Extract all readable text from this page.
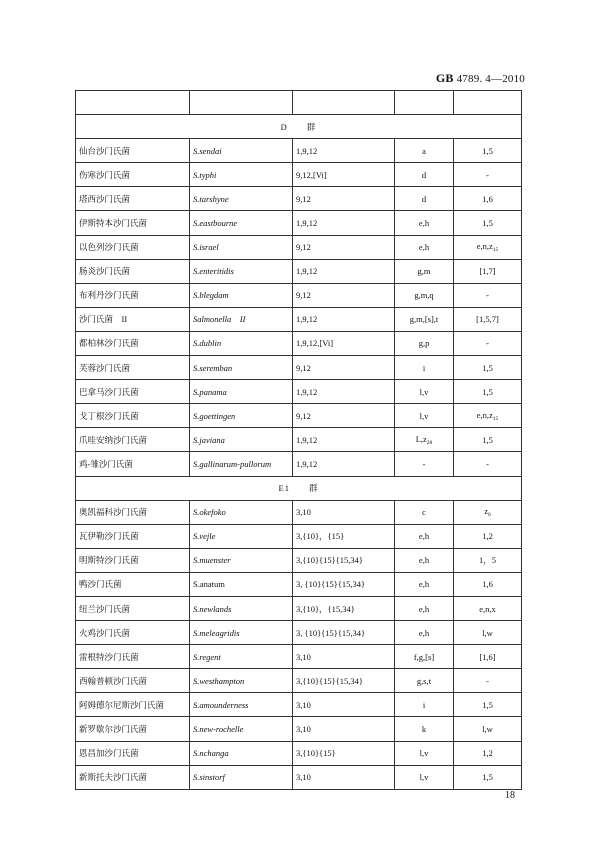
GB 4789. 4—2010

D　　群				
仙台沙门氏菌	S.sendai	1,9,12	a	1,5
伤寒沙门氏菌	S.typhi	9,12,[Vi]	d	-
塔西沙门氏菌	S.tarshyne	9,12	d	1,6
伊斯特本沙门氏菌	S.eastbourne	1,9,12	e,h	1,5
以色列沙门氏菌	S.israel	9,12	e,h	$e,n,z_{15}$
肠炎沙门氏菌	S.enteritidis	1,9,12	g,m	[1,7]
布利丹沙门氏菌	S.blegdam	9,12	g,m,q	-
沙门氏菌　II	Salmonella　II	1,9,12	g,m,[s],t	[1,5,7]
都柏林沙门氏菌	S.dublin	1,9,12,[Vi]	g,p	-
芙蓉沙门氏菌	S.seremban	9,12	i	1,5
巴拿马沙门氏菌	S.panama	1,9,12	l,v	1,5
戈丁根沙门氏菌	S.goettingen	9,12	l,v	$e,n,z_{15}$
爪哇安纳沙门氏菌	S.javiana	1,9,12	$L,z_{28}$	1,5
鸡-雏沙门氏菌	S.gallinarum-pullorum	1,9,12	-	-
E1　　群				
奥凯福科沙门氏菌	S.okefoko	3,10	c	$z_6$
瓦伊勒沙门氏菌	S.vejle	3,{10}，{15}	e,h	1,2
明斯特沙门氏菌	S.muenster	3,{10}{15}{15,34}	e,h	1，5
鸭沙门氏菌	S.anatum	3, {10}{15}{15,34}	e,h	1,6
纽兰沙门氏菌	S.newlands	3,{10}，{15,34}	e,h	e,n,x
火鸡沙门氏菌	S.meleagridis	3, {10}{15}{15,34}	e,h	l,w
雷根特沙门氏菌	S.regent	3,10	f,g,[s]	[1,6]
西翰普顿沙门氏菌	S.westhampton	3,{10}{15}{15,34}	g,s,t	-
阿姆德尔尼斯沙门氏菌	S.amounderness	3,10	i	1,5
新罗歇尔沙门氏菌	S.new-rochelle	3,10	k	l,w
恩昌加沙门氏菌	S.nchanga	3,{10}{15}	l,v	1,2
新斯托夫沙门氏菌	S.sinstorf	3,10	l,v	1,5
18
